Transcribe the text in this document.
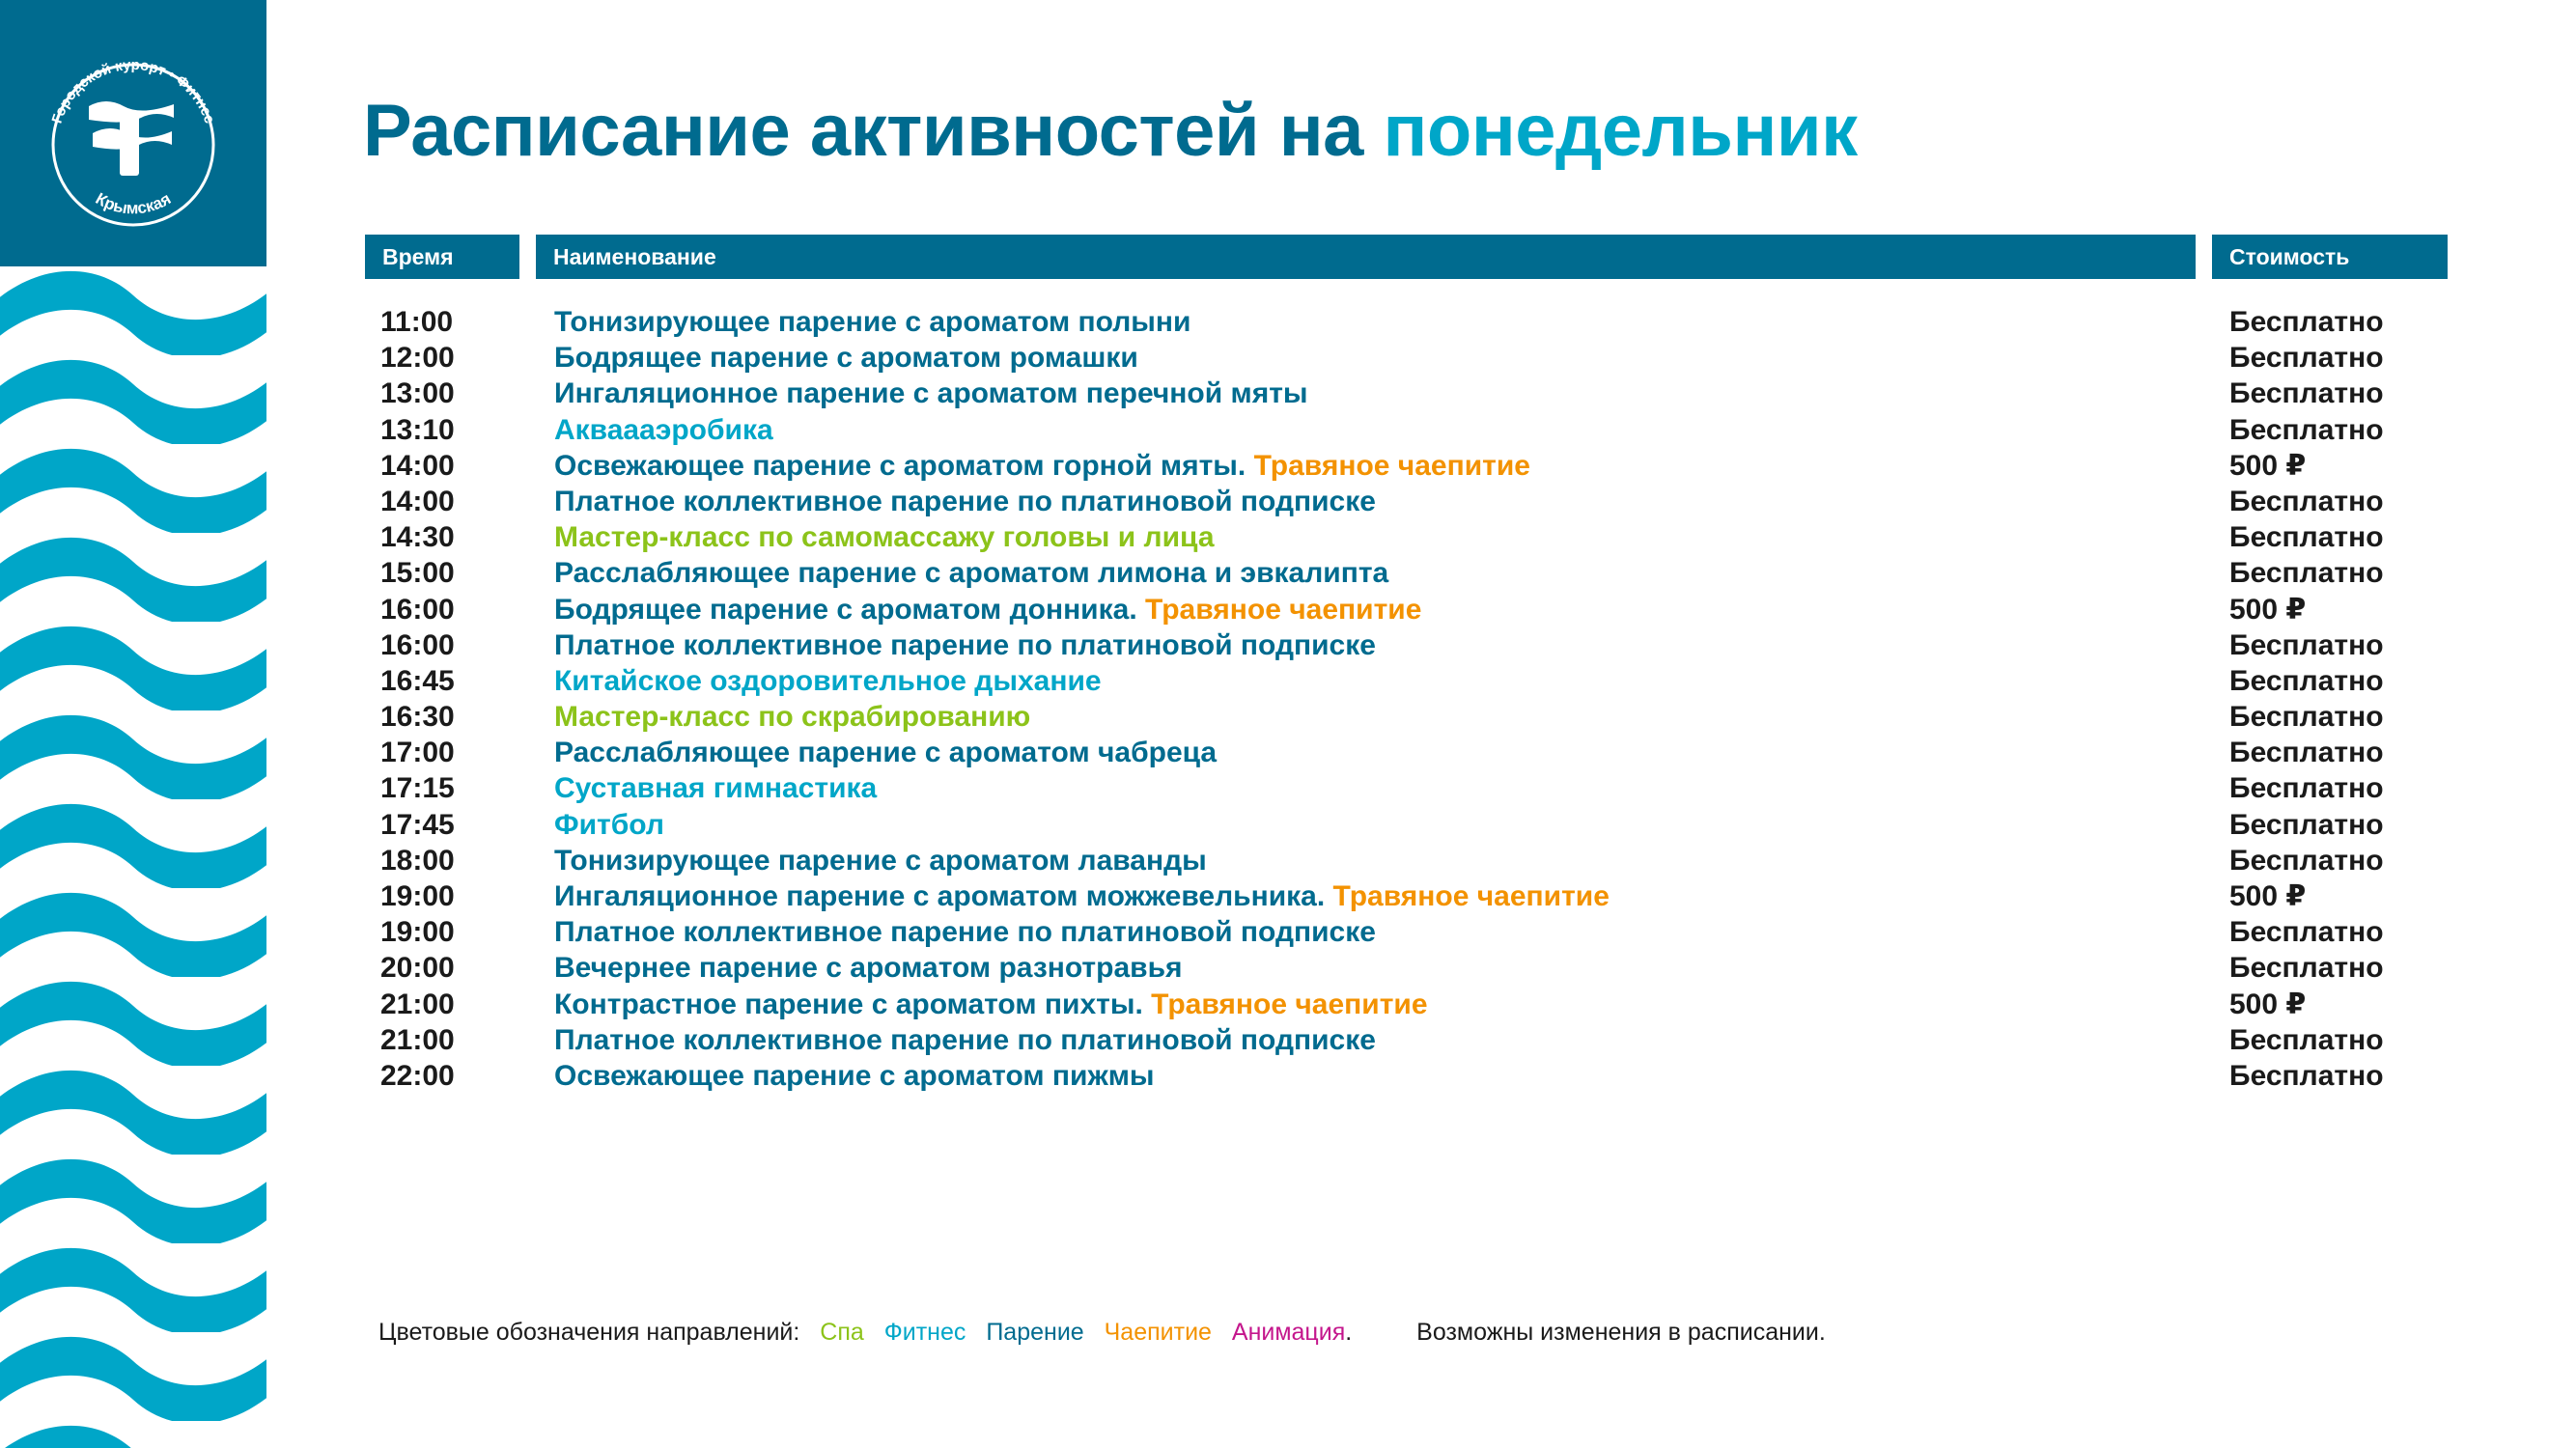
Городской курорт • Фитнес
Крымская
Расписание активностей на понедельник
Время	Наименование	Стоимость
11:00	Тонизирующее парение с ароматом полыни	Бесплатно
12:00	Бодрящее парение с ароматом ромашки	Бесплатно
13:00	Ингаляционное парение с ароматом перечной мяты	Бесплатно
13:10	Акваааэробика	Бесплатно
14:00	Освежающее парение с ароматом горной мяты. Травяное чаепитие	500 ₽
14:00	Платное коллективное парение по платиновой подписке	Бесплатно
14:30	Мастер-класс по самомассажу головы и лица	Бесплатно
15:00	Расслабляющее парение с ароматом лимона и эвкалипта	Бесплатно
16:00	Бодрящее парение с ароматом донника. Травяное чаепитие	500 ₽
16:00	Платное коллективное парение по платиновой подписке	Бесплатно
16:45	Китайское оздоровительное дыхание	Бесплатно
16:30	Мастер-класс по скрабированию	Бесплатно
17:00	Расслабляющее парение с ароматом чабреца	Бесплатно
17:15	Суставная гимнастика	Бесплатно
17:45	Фитбол	Бесплатно
18:00	Тонизирующее парение с ароматом лаванды	Бесплатно
19:00	Ингаляционное парение с ароматом можжевельника. Травяное чаепитие	500 ₽
19:00	Платное коллективное парение по платиновой подписке	Бесплатно
20:00	Вечернее парение с ароматом разнотравья	Бесплатно
21:00	Контрастное парение с ароматом пихты. Травяное чаепитие	500 ₽
21:00	Платное коллективное парение по платиновой подписке	Бесплатно
22:00	Освежающее парение с ароматом пижмы	Бесплатно
Цветовые обозначения направлений: Спа Фитнес Парение Чаепитие Анимация.	Возможны изменения в расписании.
